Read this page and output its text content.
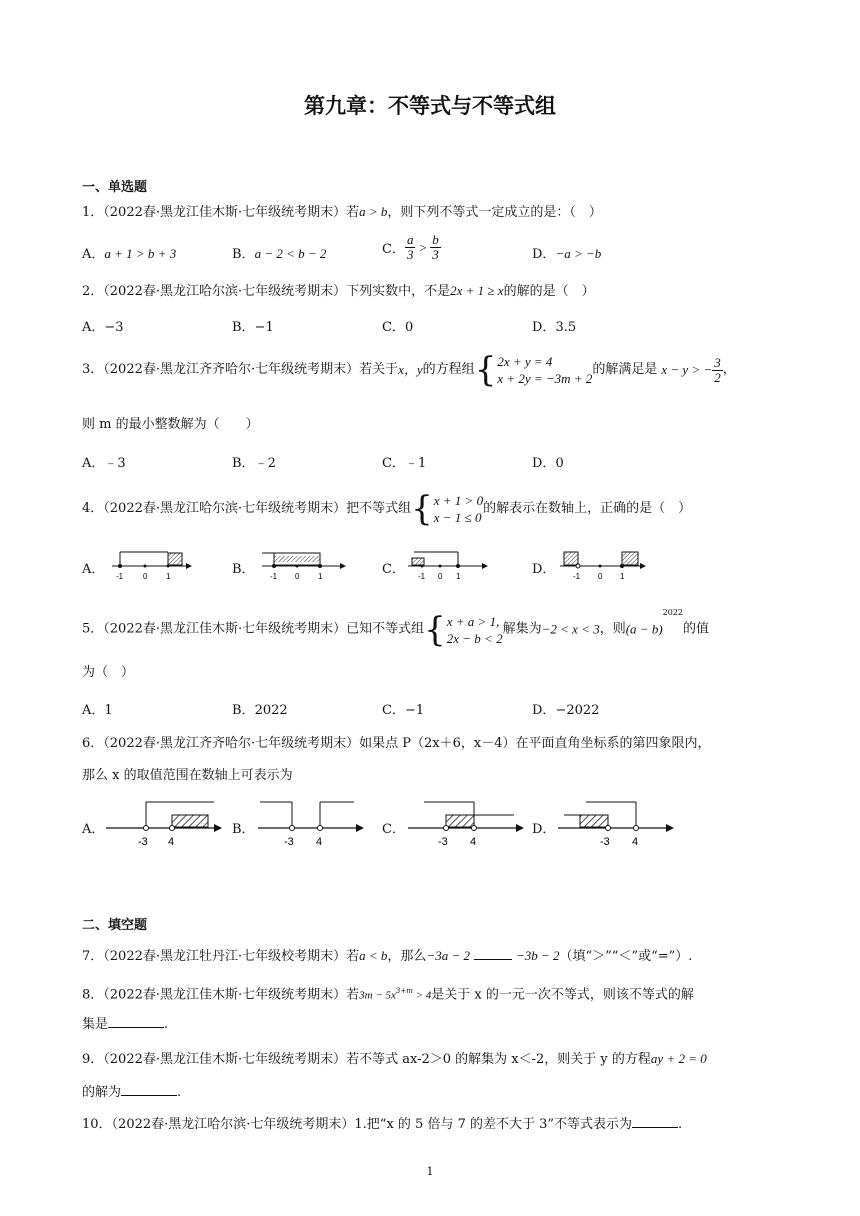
第九章：不等式与不等式组
一、单选题
1．（2022春·黑龙江佳木斯·七年级统考期末）若a > b，则下列不等式一定成立的是：（　）
A．a + 1 > b + 3	B．a − 2 < b − 2	C． $\frac{a}{3} > \frac{b}{3}$	D．−a > −b
2．（2022春·黑龙江哈尔滨·七年级统考期末）下列实数中，不是2x + 1 ≥ x的解的是（　）
A．−3	B．−1	C．0	D．3.5
3．（2022春·黑龙江齐齐哈尔·七年级统考期末）若关于x，y的方程组{ 2x + y = 4
x + 2y = −3m + 2
的解满足是 x − y > − $\frac{3}{2}$ ，
则 m 的最小整数解为（　　）
A．﹣3	B．﹣2	C．﹣1	D．0
4．（2022春·黑龙江哈尔滨·七年级统考期末）把不等式组{ x + 1 > 0
x − 1 ≤ 0
的解表示在数轴上，正确的是（　）
A．	B．	C．	D．
-1 0 1	-1 0 1	-1 0 1	-1 0 1
5．（2022春·黑龙江佳木斯·七年级统考期末）已知不等式组{ x + a > 1,
2x − b < 2
解集为−2 < x < 3，则$(a - b)^{2022}$的值
为（　）
A．1	B．2022	C．−1	D．−2022
6．（2022春·黑龙江齐齐哈尔·七年级统考期末）如果点 P（2x＋6，x－4）在平面直角坐标系的第四象限内，
那么 x 的取值范围在数轴上可表示为
A．	B．	C．	D．
-3 4	-3 4	-3 4	-3 4
二、填空题
7．（2022春·黑龙江牡丹江·七年级校考期末）若a < b，那么−3a − 2	−3b − 2（填“＞”“＜”或“=”）.
8．（2022春·黑龙江佳木斯·七年级统考期末）若$3m - 5x^{3+m} > 4$是关于 x 的一元一次不等式，则该不等式的解
集是	.
9．（2022春·黑龙江佳木斯·七年级统考期末）若不等式 ax-2＞0 的解集为 x＜-2，则关于 y 的方程ay + 2 = 0
的解为	.
10．（2022春·黑龙江哈尔滨·七年级统考期末）1.把“x 的 5 倍与 7 的差不大于 3”不等式表示为	.
1
